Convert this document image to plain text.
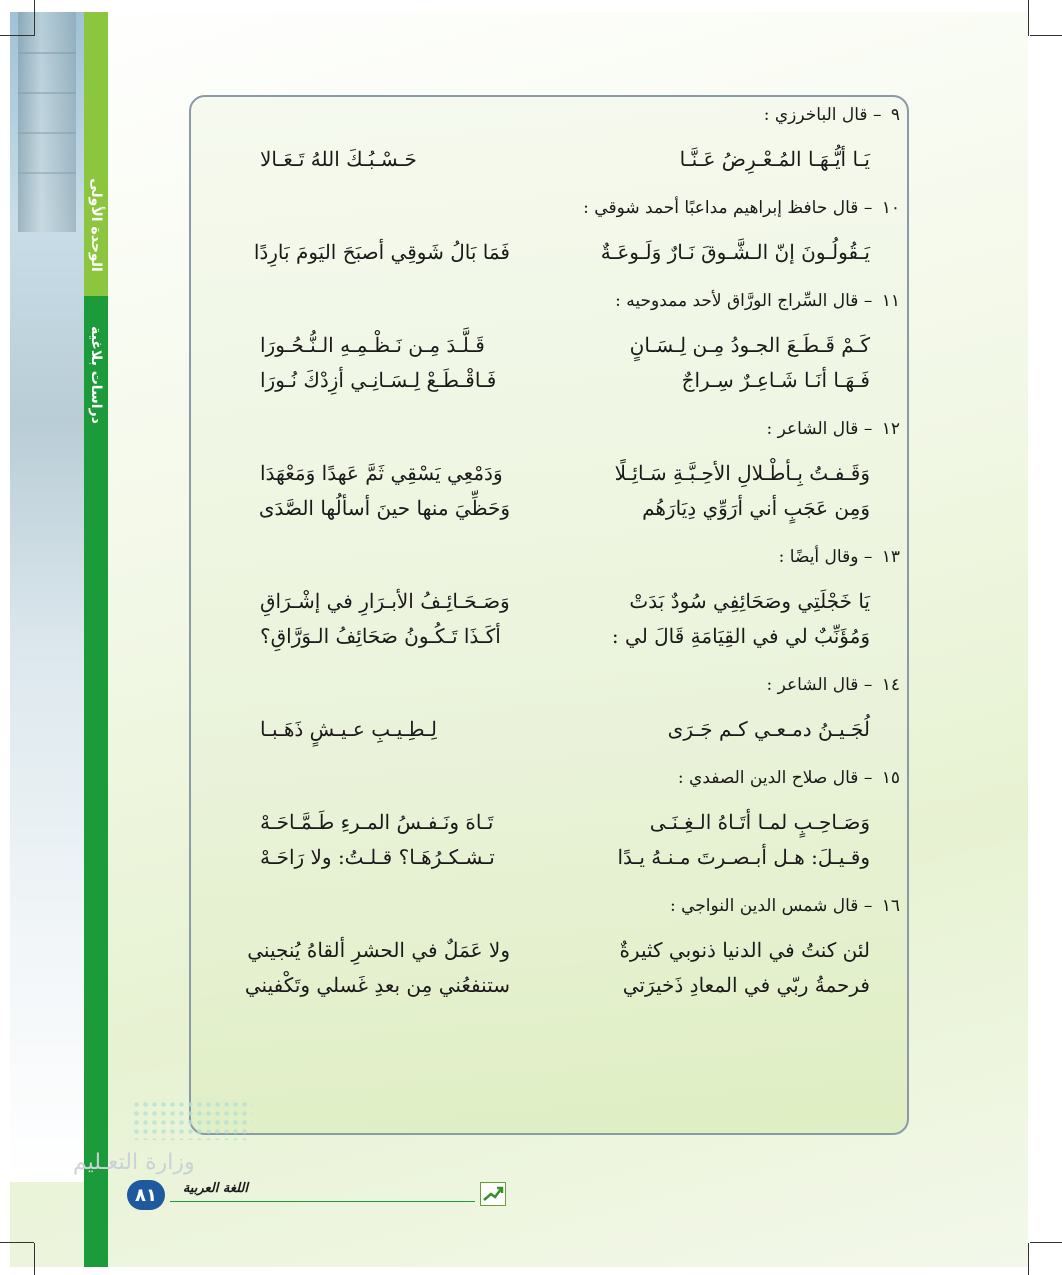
الوحدة الأولى
دراسات بلاغية
٩ – قال الباخرزي :
يَـا أيُّـهَـا المُـعْـرِضُ عَـنَّـا
حَـسْـبُـكَ اللهُ تَـعَـالا
١٠ – قال حافظ إبراهيم مداعبًا أحمد شوقي :
يَـقُولُـونَ إنّ الـشَّـوقَ نَـارٌ وَلَـوعَـةٌ
فَمَا بَالُ شَوقِي أصبَحَ اليَومَ بَارِدًا
١١ – قال السِّراج الورَّاق لأحد ممدوحيه :
كَـمْ قَـطَـعَ الجـودُ مِـن لِـسَـانٍ
قَـلَّـدَ مِـن نَـظْـمِـهِ الـنُّـحُـورَا
فَـهَـا أنَـا شَـاعِـرٌ سِـراجٌ
فَـاقْـطَـعْ لِـسَـانِـي أزِدْكَ نُـورَا
١٢ – قال الشاعر :
وَقَـفـتُ بِـأطْـلالِ الأحِـبَّـةِ سَـائِـلًا
وَدَمْعِي يَسْقِي ثَمَّ عَهدًا وَمَعْهَدَا
وَمِن عَجَبٍ أني أرَوِّي دِيَارَهُم
وَحَظِّيَ منها حينَ أسألُها الصَّدَى
١٣ – وقال أيضًا :
يَا خَجْلَتِي وصَحَائِفِي سُودٌ بَدَتْ
وَصَـحَـائِـفُ الأبـرَارِ في إشْـرَاقِ
وَمُؤَنِّبٌ لي في القِيَامَةِ قَالَ لي :
أكَـذَا تَـكُـونُ صَحَائِفُ الـوَرَّاقِ؟
١٤ – قال الشاعر :
لُجَـيـنُ دمـعـي كـم جَـرَى
لِـطِـيـبِ عـيـشٍ ذَهَـبـا
١٥ – قال صلاح الدين الصفدي :
وَصَـاحِـبٍ لمـا أتَـاهُ الـغِـنَـى
تَـاهَ ونَـفـسُ المـرءِ طَـمَّـاحَـهْ
وقـيـلَ: هـل أبـصـرتَ مـنـهُ يـدًا
تـشـكـرُهَـا؟ قـلـتُ: ولا رَاحَـهْ
١٦ – قال شمس الدين النواجي :
لئن كنتُ في الدنيا ذنوبي كثيرةٌ
ولا عَمَلٌ في الحشرِ ألقاهُ يُنجيني
فرحمةُ ربّي في المعادِ ذَخيرَتي
ستنفعُني مِن بعدِ غَسلي وتَكْفيني
وزارة التعـليم
اللغة العربية
٨١
